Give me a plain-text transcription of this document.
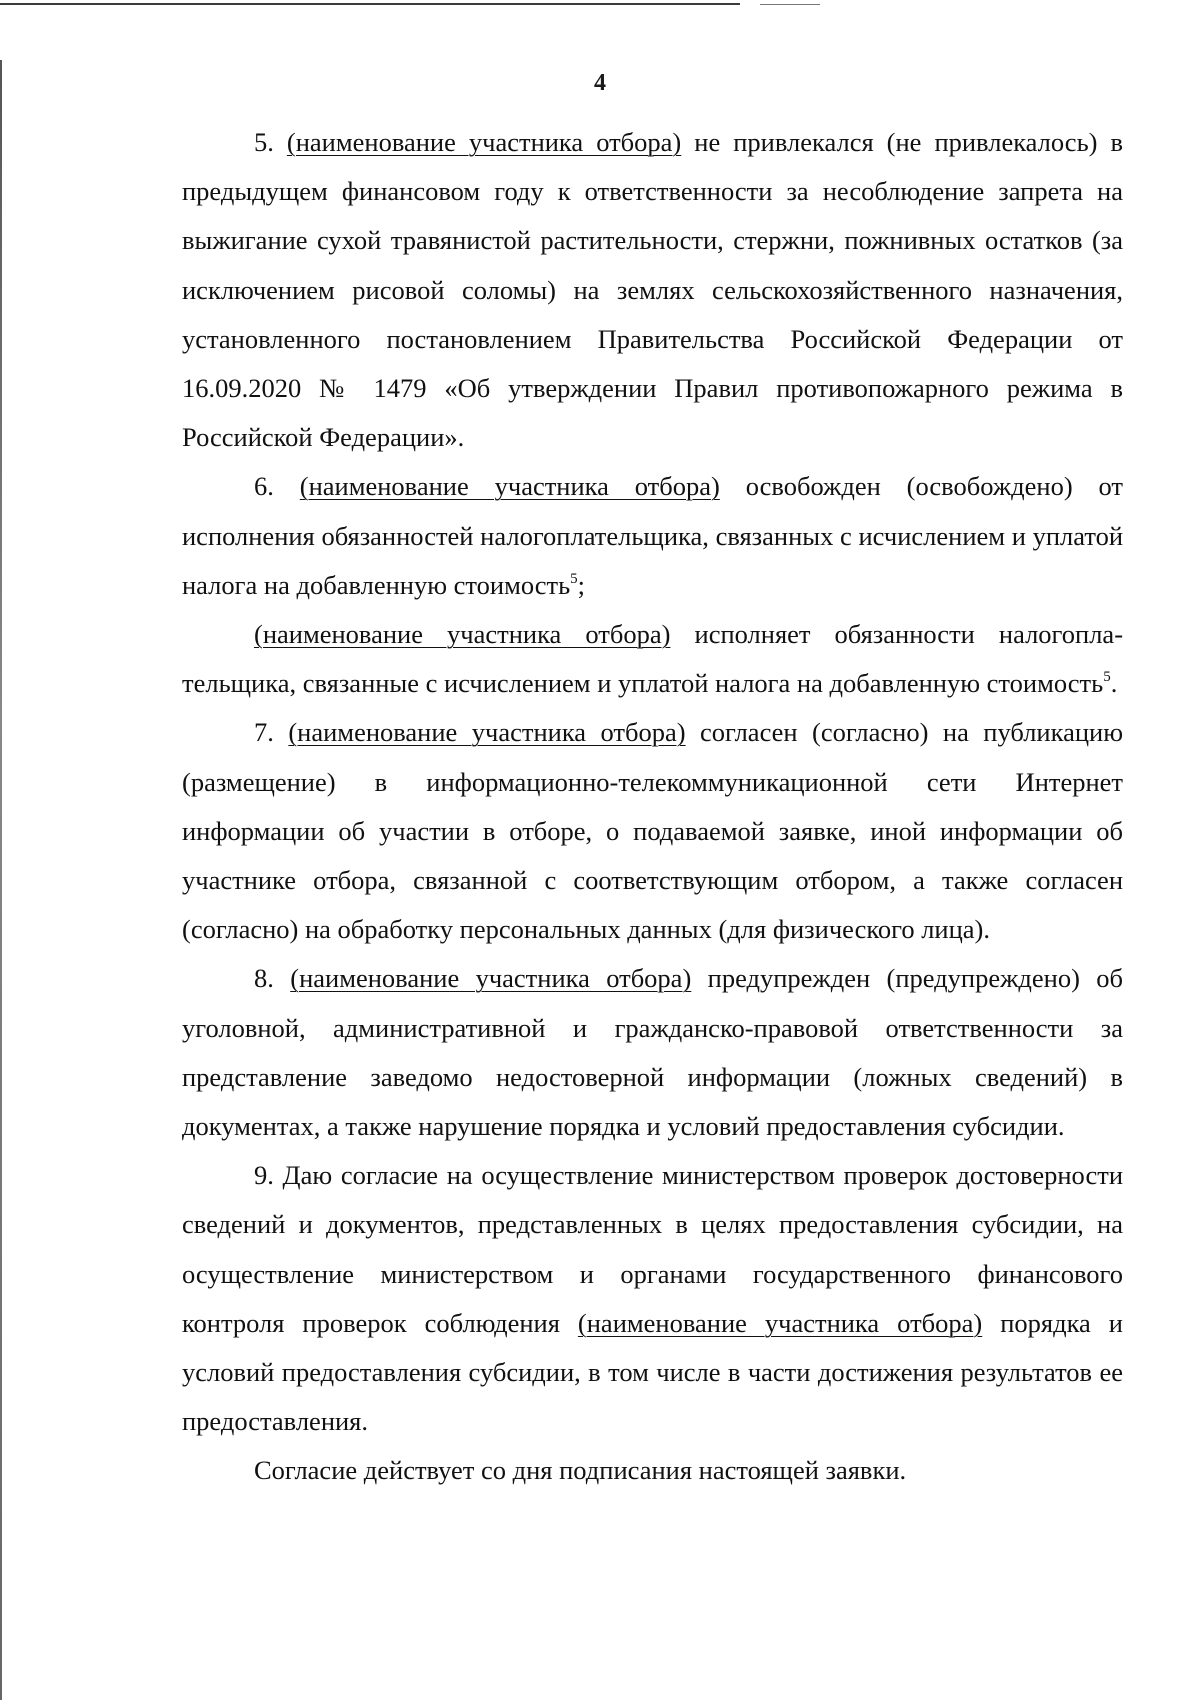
4

5. (наименование участника отбора) не привлекался (не привлекалось) в предыдущем финансовом году к ответственности за несоблюдение запрета на выжигание сухой травянистой растительности, стержни, пожнивных остатков (за исключением рисовой соломы) на землях сельскохозяйственного назначения, установленного постановлением Правительства Российской Федерации от 16.09.2020 № 1479 «Об утверждении Правил противопожарного режима в Российской Федерации».

6. (наименование участника отбора) освобожден (освобождено) от исполнения обязанностей налогоплательщика, связанных с исчислением и уплатой налога на добавленную стоимость$^5$;

(наименование участника отбора) исполняет обязанности налогоплательщика, связанные с исчислением и уплатой налога на добавленную стоимость$^5$.

7. (наименование участника отбора) согласен (согласно) на публикацию (размещение) в информационно-телекоммуникационной сети Интернет информации об участии в отборе, о подаваемой заявке, иной информации об участнике отбора, связанной с соответствующим отбором, а также согласен (согласно) на обработку персональных данных (для физического лица).

8. (наименование участника отбора) предупрежден (предупреждено) об уголовной, административной и гражданско-правовой ответственности за представление заведомо недостоверной информации (ложных сведений) в документах, а также нарушение порядка и условий предоставления субсидии.

9. Даю согласие на осуществление министерством проверок достоверности сведений и документов, представленных в целях предоставления субсидии, на осуществление министерством и органами государственного финансового контроля проверок соблюдения (наименование участника отбора) порядка и условий предоставления субсидии, в том числе в части достижения результатов ее предоставления.

Согласие действует со дня подписания настоящей заявки.
